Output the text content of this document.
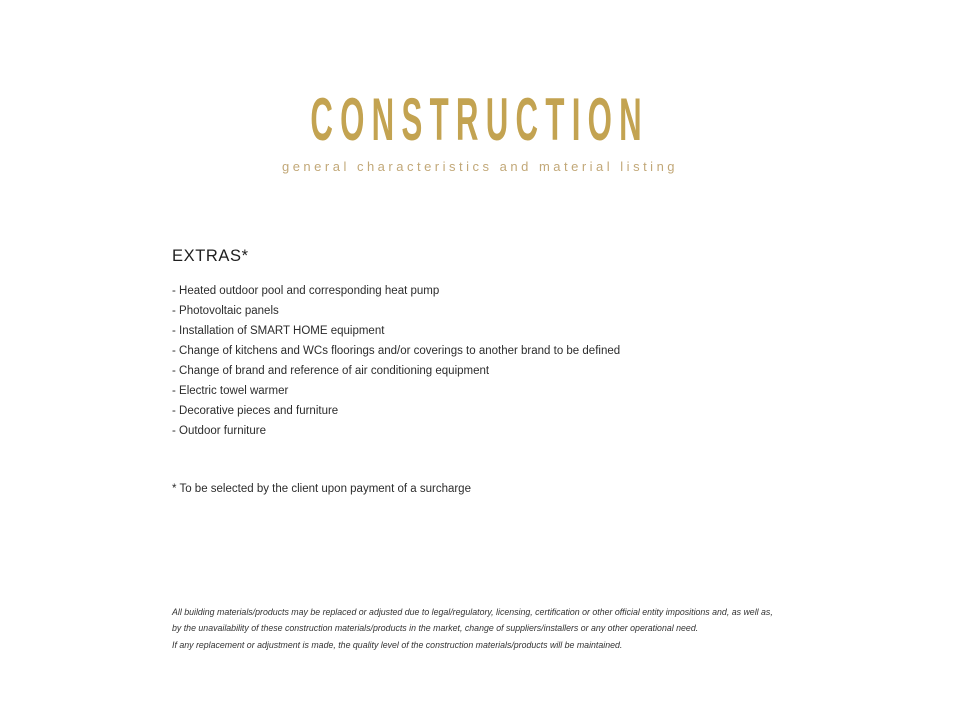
CONSTRUCTION
general characteristics and material listing
EXTRAS*
- Heated outdoor pool and corresponding heat pump
- Photovoltaic panels
- Installation of SMART HOME equipment
- Change of kitchens and WCs floorings and/or coverings to another brand to be defined
- Change of brand and reference of air conditioning equipment
- Electric towel warmer
- Decorative pieces and furniture
- Outdoor furniture
* To be selected by the client upon payment of a surcharge
All building materials/products may be replaced or adjusted due to legal/regulatory, licensing, certification or other official entity impositions and, as well as,
by the unavailability of these construction materials/products in the market, change of suppliers/installers or any other operational need.
If any replacement or adjustment is made, the quality level of the construction materials/products will be maintained.
